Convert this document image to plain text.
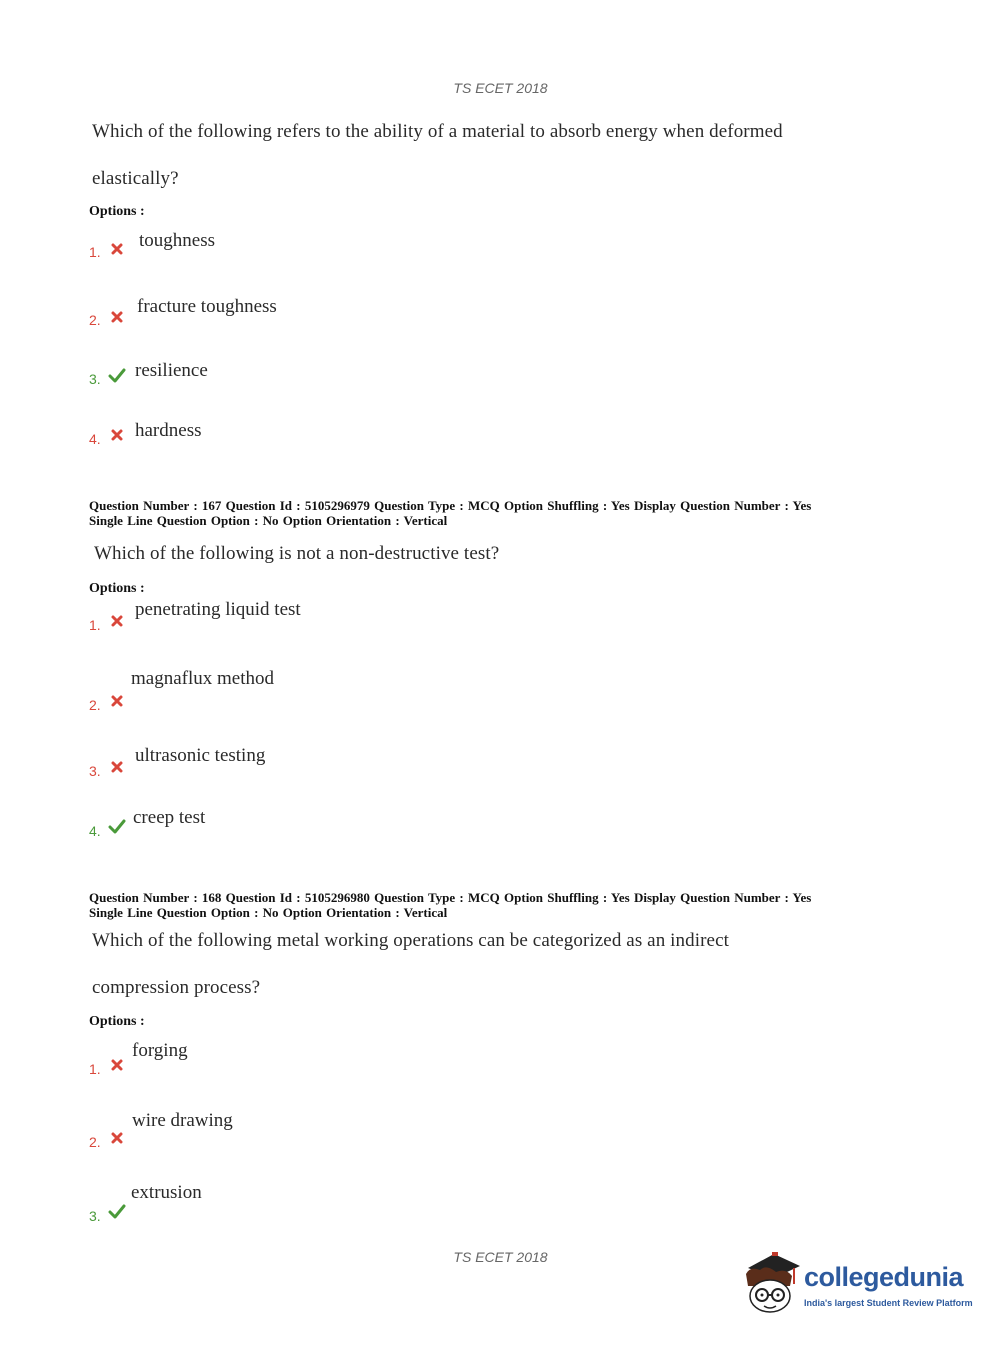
TS ECET 2018
Which of the following refers to the ability of a material to absorb energy when deformed
elastically?
Options :
1.
toughness
2.
fracture toughness
3. resilience
4. hardness
Question Number : 167 Question Id : 5105296979 Question Type : MCQ Option Shuffling : Yes Display Question Number : Yes
Single Line Question Option : No Option Orientation : Vertical
Which of the following is not a non-destructive test?
Options :
1.
penetrating liquid test
2.
magnaflux method
3.
ultrasonic testing
4.
creep test
Question Number : 168 Question Id : 5105296980 Question Type : MCQ Option Shuffling : Yes Display Question Number : Yes
Single Line Question Option : No Option Orientation : Vertical
Which of the following metal working operations can be categorized as an indirect
compression process?
Options :
1.
forging
2.
wire drawing
3.
extrusion
TS ECET 2018
collegedunia
India's largest Student Review Platform
